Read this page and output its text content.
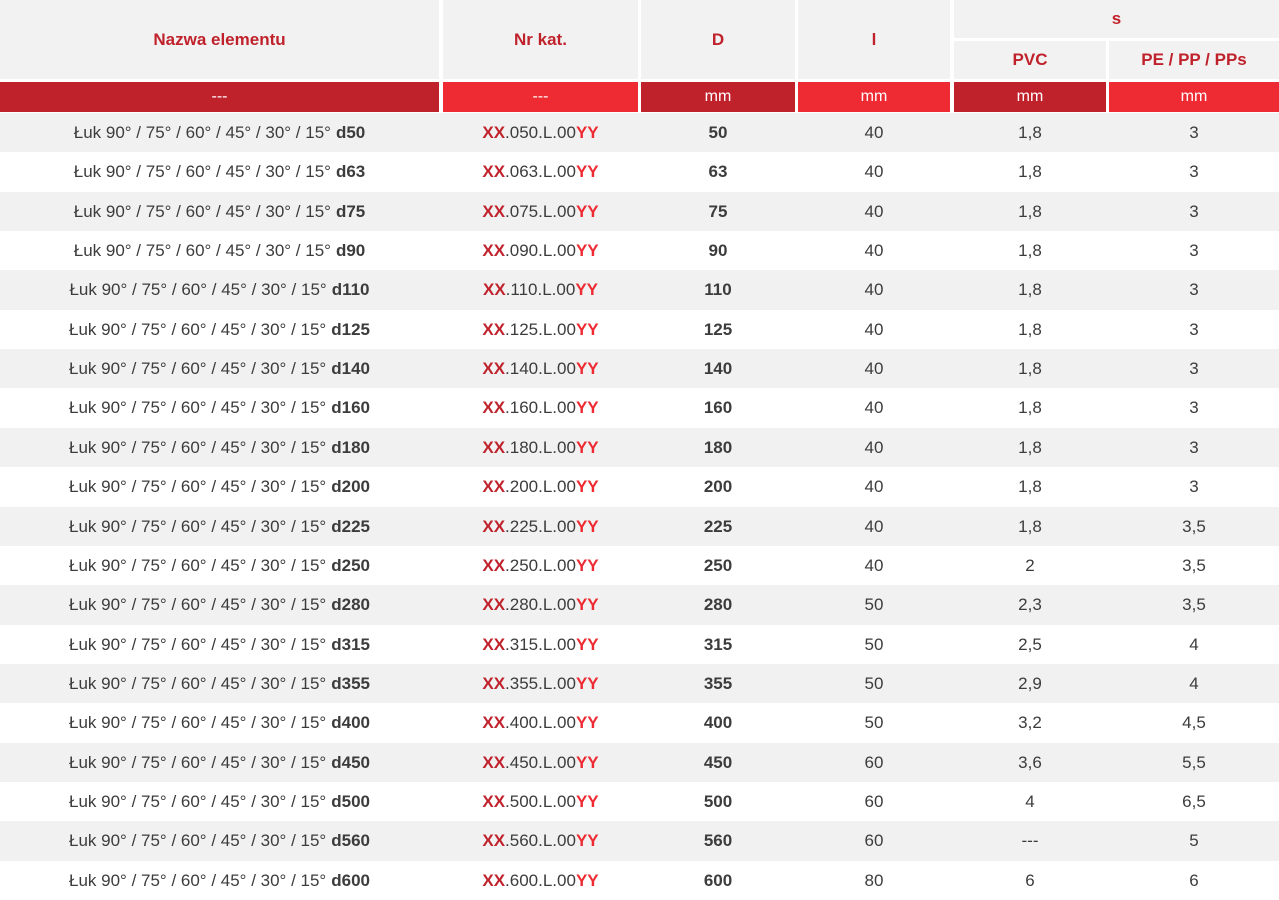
Nazwa elementu	Nr kat.	D	l
s
PVC	PE / PP / PPs
---	---	mm	mm	mm	mm
Łuk 90° / 75° / 60° / 45° / 30° / 15° d50	XX .050.L.00 YY	50	40	1,8	3
Łuk 90° / 75° / 60° / 45° / 30° / 15° d63	XX .063.L.00 YY	63	40	1,8	3
Łuk 90° / 75° / 60° / 45° / 30° / 15° d75	XX .075.L.00 YY	75	40	1,8	3
Łuk 90° / 75° / 60° / 45° / 30° / 15° d90	XX .090.L.00 YY	90	40	1,8	3
Łuk 90° / 75° / 60° / 45° / 30° / 15° d110	XX .110.L.00 YY	110	40	1,8	3
Łuk 90° / 75° / 60° / 45° / 30° / 15° d125	XX .125.L.00 YY	125	40	1,8	3
Łuk 90° / 75° / 60° / 45° / 30° / 15° d140	XX .140.L.00 YY	140	40	1,8	3
Łuk 90° / 75° / 60° / 45° / 30° / 15° d160	XX .160.L.00 YY	160	40	1,8	3
Łuk 90° / 75° / 60° / 45° / 30° / 15° d180	XX .180.L.00 YY	180	40	1,8	3
Łuk 90° / 75° / 60° / 45° / 30° / 15° d200	XX .200.L.00 YY	200	40	1,8	3
Łuk 90° / 75° / 60° / 45° / 30° / 15° d225	XX .225.L.00 YY	225	40	1,8	3,5
Łuk 90° / 75° / 60° / 45° / 30° / 15° d250	XX .250.L.00 YY	250	40	2	3,5
Łuk 90° / 75° / 60° / 45° / 30° / 15° d280	XX .280.L.00 YY	280	50	2,3	3,5
Łuk 90° / 75° / 60° / 45° / 30° / 15° d315	XX .315.L.00 YY	315	50	2,5	4
Łuk 90° / 75° / 60° / 45° / 30° / 15° d355	XX .355.L.00 YY	355	50	2,9	4
Łuk 90° / 75° / 60° / 45° / 30° / 15° d400	XX .400.L.00 YY	400	50	3,2	4,5
Łuk 90° / 75° / 60° / 45° / 30° / 15° d450	XX .450.L.00 YY	450	60	3,6	5,5
Łuk 90° / 75° / 60° / 45° / 30° / 15° d500	XX .500.L.00 YY	500	60	4	6,5
Łuk 90° / 75° / 60° / 45° / 30° / 15° d560	XX .560.L.00 YY	560	60	---	5
Łuk 90° / 75° / 60° / 45° / 30° / 15° d600	XX .600.L.00 YY	600	80	6	6
